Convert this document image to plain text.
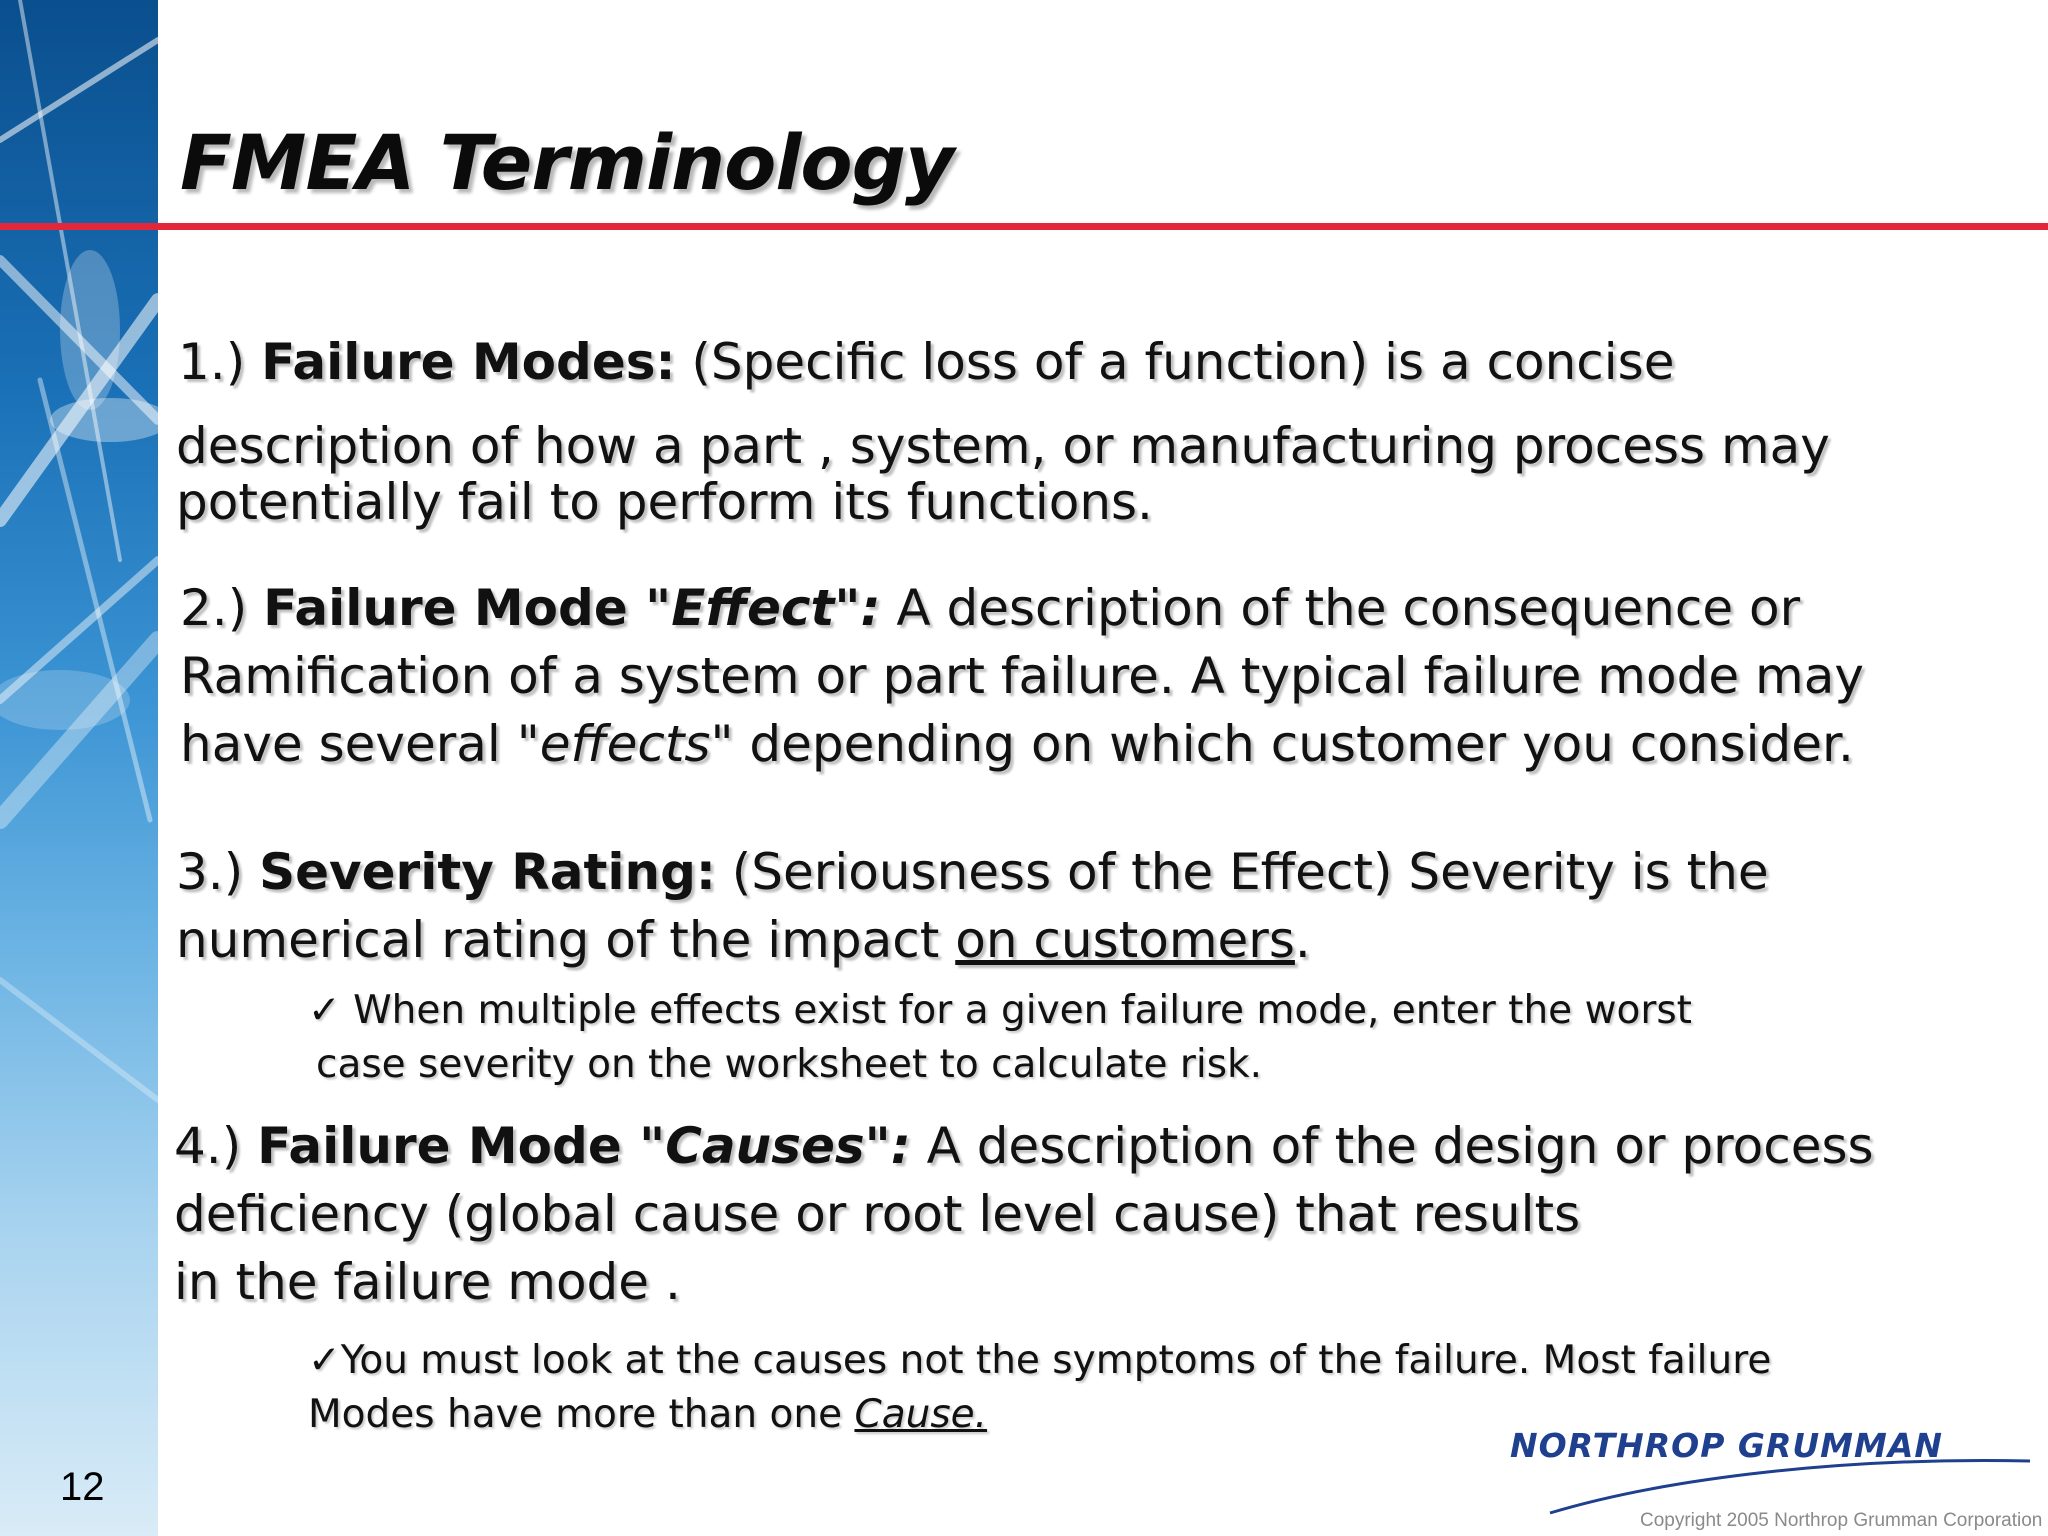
FMEA Terminology

1.) Failure Modes: (Specific loss of a function) is a concise

description of how a part , system, or manufacturing process may
potentially fail to perform its functions.

2.) Failure Mode "Effect": A description of the consequence or
Ramification of a system or part failure. A typical failure mode may
have several "effects" depending on which customer you consider.

3.) Severity Rating: (Seriousness of the Effect) Severity is the
numerical rating of the impact on customers.

✓ When multiple effects exist for a given failure mode, enter the worst
case severity on the worksheet to calculate risk.

4.) Failure Mode "Causes": A description of the design or process
deficiency (global cause or root level cause) that results
in the failure mode .

✓You must look at the causes not the symptoms of the failure. Most failure
Modes have more than one Cause.

12
NORTHROP GRUMMAN
Copyright 2005 Northrop Grumman Corporation
